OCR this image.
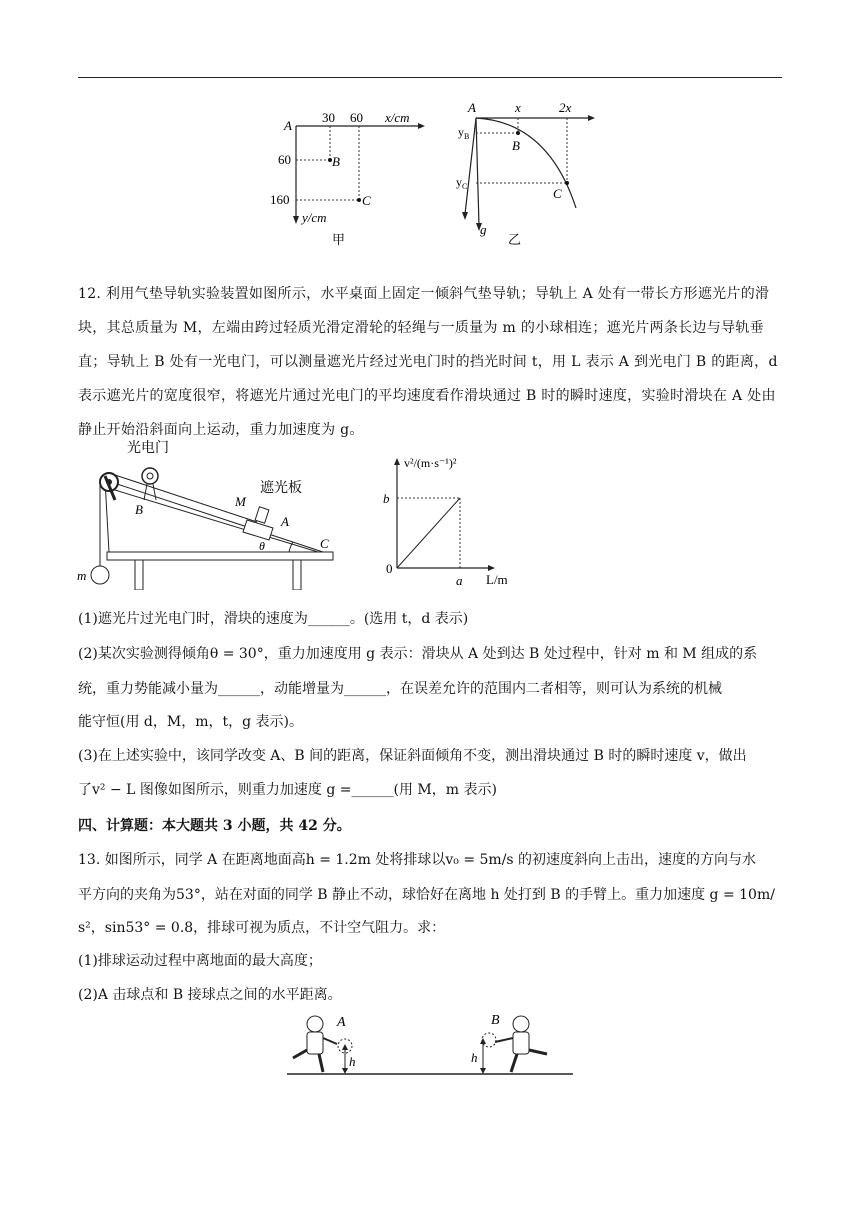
A
30 60 x/cm
60
160
y/cm
B
C
甲
A	x	2x
$y_B$
$y_C$
B
C
g
乙
12. 利用气垫导轨实验装置如图所示，水平桌面上固定一倾斜气垫导轨；导轨上 A 处有一带长方形遮光片的滑块，其总质量为 M，左端由跨过轻质光滑定滑轮的轻绳与一质量为 m 的小球相连；遮光片两条长边与导轨垂直；导轨上 B 处有一光电门，可以测量遮光片经过光电门时的挡光时间 t，用 L 表示 A 到光电门 B 的距离，d 表示遮光片的宽度很窄，将遮光片通过光电门的平均速度看作滑块通过 B 时的瞬时速度，实验时滑块在 A 处由静止开始沿斜面向上运动，重力加速度为 g。
光电门
B
M
遮光板
A
θ	C
m
v²/(m·s⁻¹)²
L/m
b
a
0
(1)遮光片过光电门时，滑块的速度为______。(选用 t，d 表示)
(2)某次实验测得倾角θ = 30°，重力加速度用 g 表示：滑块从 A 处到达 B 处过程中，针对 m 和 M 组成的系
统，重力势能减小量为______，动能增量为______，在误差允许的范围内二者相等，则可认为系统的机械
能守恒(用 d，M，m，t，g 表示)。
(3)在上述实验中，该同学改变 A、B 间的距离，保证斜面倾角不变，测出滑块通过 B 时的瞬时速度 v，做出
了v² − L 图像如图所示，则重力加速度 g =______(用 M，m 表示)
四、计算题：本大题共 3 小题，共 42 分。
13. 如图所示，同学 A 在距离地面高h = 1.2m 处将排球以v₀ = 5m/s 的初速度斜向上击出，速度的方向与水
平方向的夹角为53°，站在对面的同学 B 静止不动，球恰好在离地 h 处打到 B 的手臂上。重力加速度 g = 10m/
s²，sin53° = 0.8，排球可视为质点，不计空气阻力。求：
(1)排球运动过程中离地面的最大高度；
(2)A 击球点和 B 接球点之间的水平距离。
A
h
B
h
